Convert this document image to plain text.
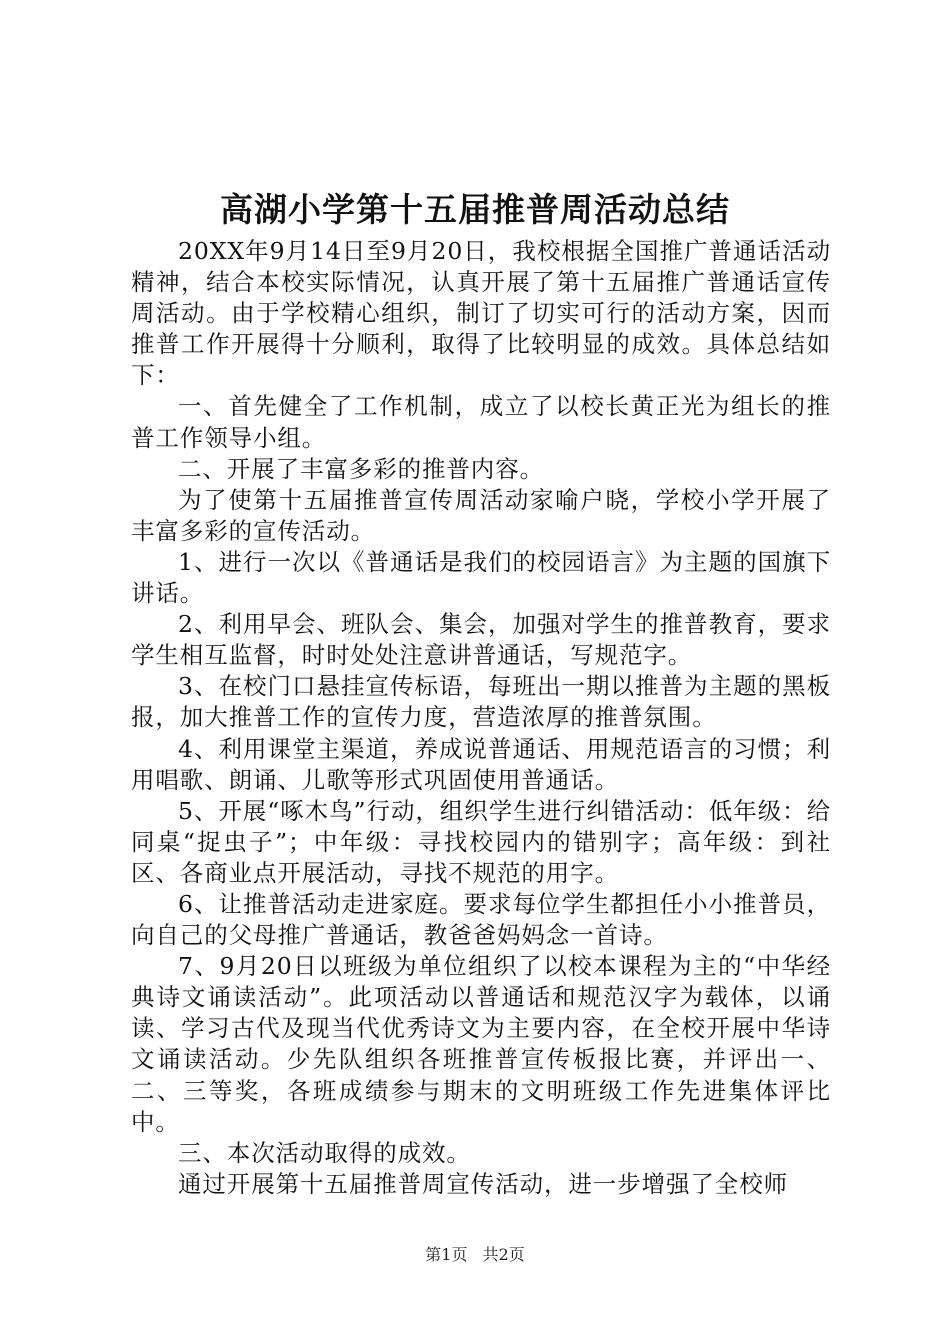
高湖小学第十五届推普周活动总结

20XX年9月14日至9月20日，我校根据全国推广普通话活动精神，结合本校实际情况，认真开展了第十五届推广普通话宣传周活动。由于学校精心组织，制订了切实可行的活动方案，因而推普工作开展得十分顺利，取得了比较明显的成效。具体总结如下：

一、首先健全了工作机制，成立了以校长黄正光为组长的推普工作领导小组。

二、开展了丰富多彩的推普内容。

为了使第十五届推普宣传周活动家喻户晓，学校小学开展了丰富多彩的宣传活动。

1、进行一次以《普通话是我们的校园语言》为主题的国旗下讲话。

2、利用早会、班队会、集会，加强对学生的推普教育，要求学生相互监督，时时处处注意讲普通话，写规范字。

3、在校门口悬挂宣传标语，每班出一期以推普为主题的黑板报，加大推普工作的宣传力度，营造浓厚的推普氛围。

4、利用课堂主渠道，养成说普通话、用规范语言的习惯；利用唱歌、朗诵、儿歌等形式巩固使用普通话。

5、开展“啄木鸟”行动，组织学生进行纠错活动：低年级：给同桌“捉虫子”；中年级：寻找校园内的错别字；高年级：到社区、各商业点开展活动，寻找不规范的用字。

6、让推普活动走进家庭。要求每位学生都担任小小推普员，向自己的父母推广普通话，教爸爸妈妈念一首诗。

7、9月20日以班级为单位组织了以校本课程为主的“中华经典诗文诵读活动”。此项活动以普通话和规范汉字为载体，以诵读、学习古代及现当代优秀诗文为主要内容，在全校开展中华诗文诵读活动。少先队组织各班推普宣传板报比赛，并评出一、二、三等奖，各班成绩参与期末的文明班级工作先进集体评比中。

三、本次活动取得的成效。

通过开展第十五届推普周宣传活动，进一步增强了全校师

第1页 共2页
